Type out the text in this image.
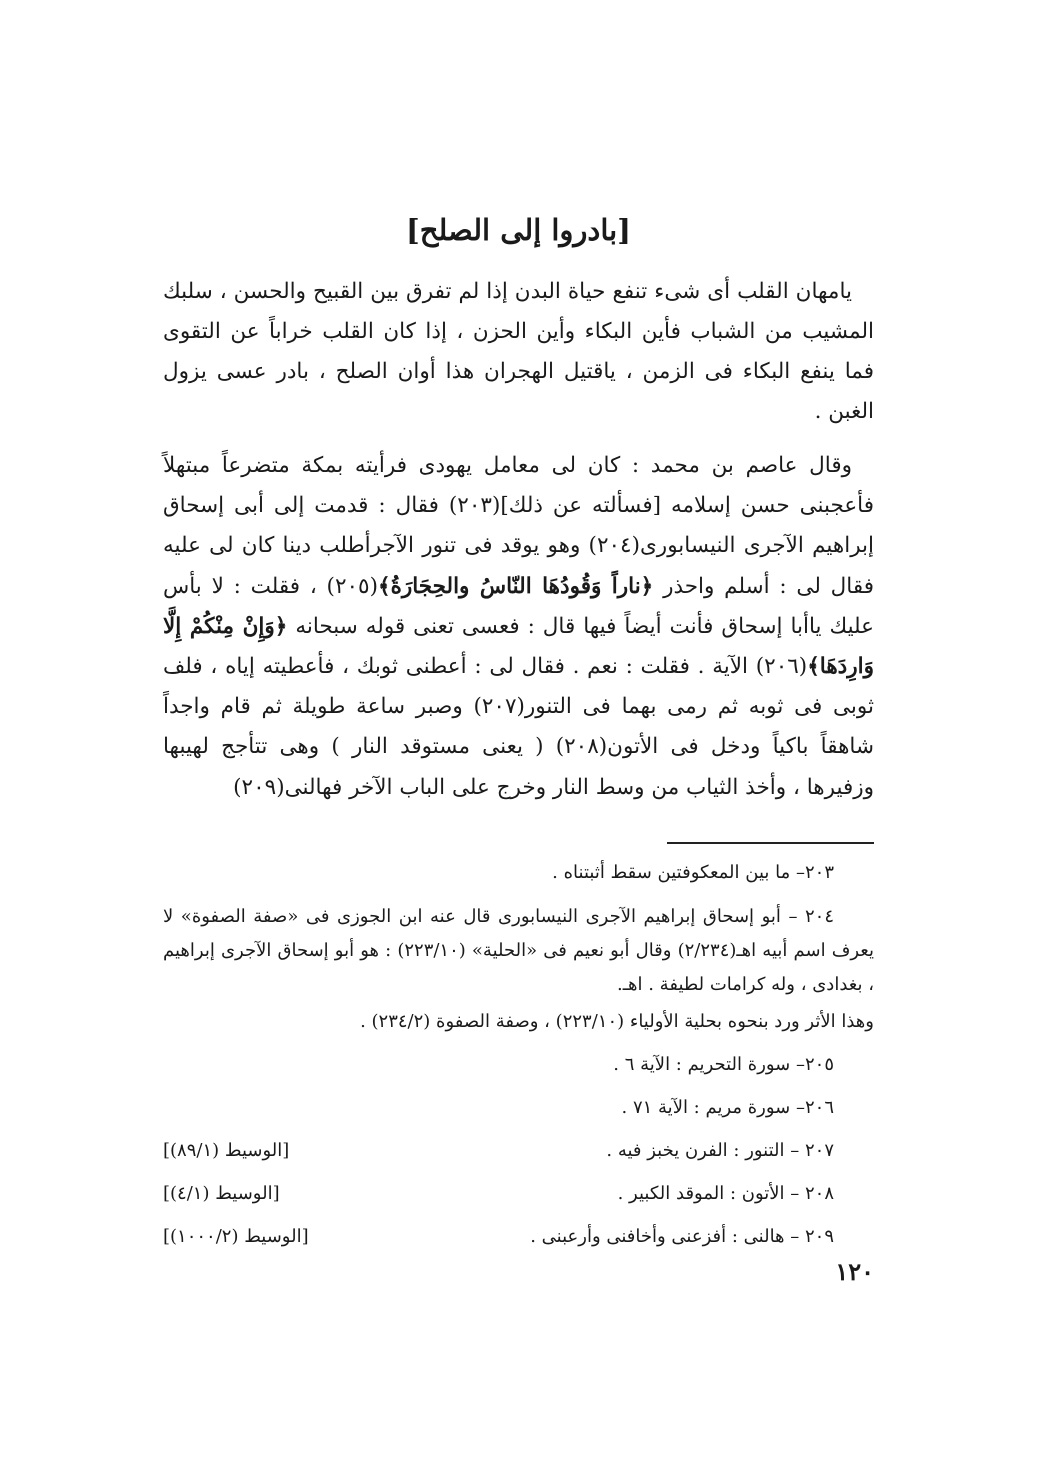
[بادروا إلى الصلح]

يامهان القلب أى شىء تنفع حياة البدن إذا لم تفرق بين القبيح والحسن ، سلبك المشيب من الشباب فأين البكاء وأين الحزن ، إذا كان القلب خراباً عن التقوى فما ينفع البكاء فى الزمن ، ياقتيل الهجران هذا أوان الصلح ، بادر عسى يزول الغبن .

وقال عاصم بن محمد : كان لى معامل يهودى فرأيته بمكة متضرعاً مبتهلاً فأعجبنى حسن إسلامه [فسألته عن ذلك](٢٠٣) فقال : قدمت إلى أبى إسحاق إبراهيم الآجرى النيسابورى(٢٠٤) وهو يوقد فى تنور الآجرأطلب دينا كان لى عليه فقال لى : أسلم واحذر ﴿ناراً وَقُودُهَا النّاسُ والحِجَارَةُ﴾(٢٠٥) ، فقلت : لا بأس عليك ياأبا إسحاق فأنت أيضاً فيها قال : فعسى تعنى قوله سبحانه ﴿وَإِنْ مِنْكُمْ إِلَّا وَارِدَهَا﴾(٢٠٦) الآية . فقلت : نعم . فقال لى : أعطنى ثوبك ، فأعطيته إياه ، فلف ثوبى فى ثوبه ثم رمى بهما فى التنور(٢٠٧) وصبر ساعة طويلة ثم قام واجداً شاهقاً باكياً ودخل فى الأتون(٢٠٨) ( يعنى مستوقد النار ) وهى تتأجج لهيبها وزفيرها ، وأخذ الثياب من وسط النار وخرج على الباب الآخر فهالنى(٢٠٩)

٢٠٣– ما بين المعكوفتين سقط أثبتناه .
٢٠٤ – أبو إسحاق إبراهيم الآجرى النيسابورى قال عنه ابن الجوزى فى «صفة الصفوة» لا يعرف اسم أبيه اهـ(٢/٢٣٤) وقال أبو نعيم فى «الحلية» (٢٢٣/١٠) : هو أبو إسحاق الآجرى إبراهيم ، بغدادى ، وله كرامات لطيفة . اهـ.
وهذا الأثر ورد بنحوه بحلية الأولياء (٢٢٣/١٠) ، وصفة الصفوة (٢٣٤/٢) .
٢٠٥– سورة التحريم : الآية ٦ .
٢٠٦– سورة مريم : الآية ٧١ .
٢٠٧ – التنور : الفرن يخبز فيه .
[الوسيط (٨٩/١)]
٢٠٨ – الأتون : الموقد الكبير .
[الوسيط (٤/١)]
٢٠٩ – هالنى : أفزعنى وأخافنى وأرعبنى .
[الوسيط (١٠٠٠/٢)]
١٢٠
